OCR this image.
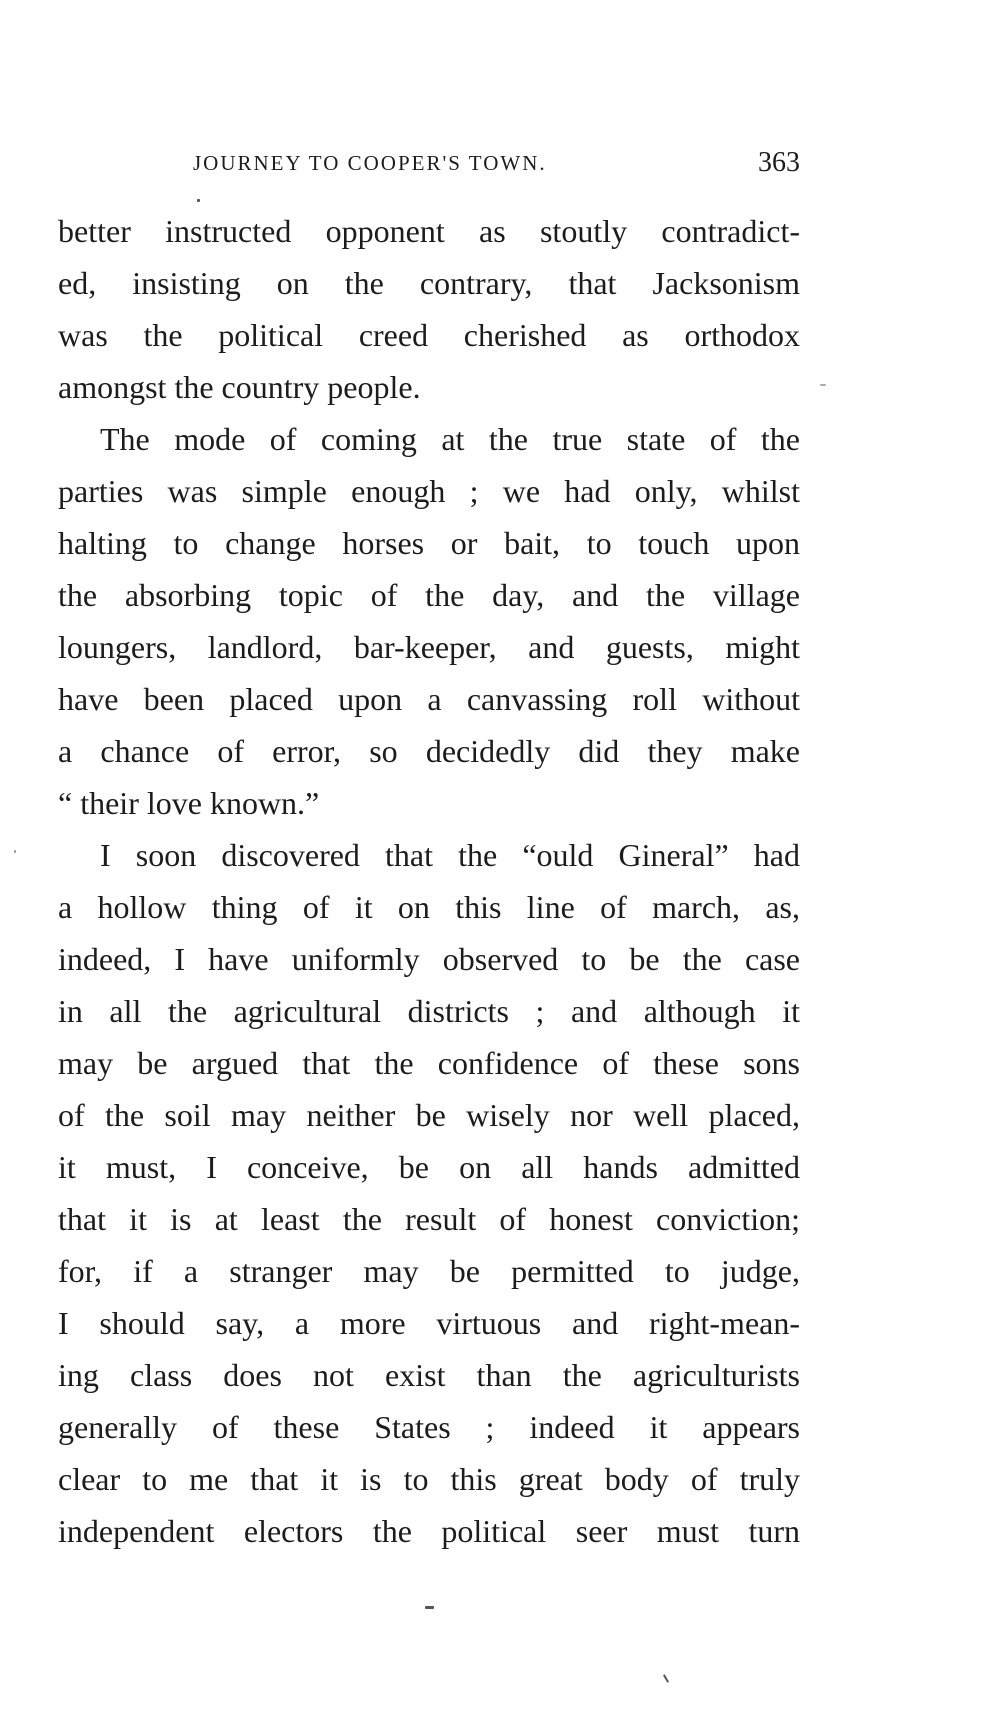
JOURNEY TO COOPER'S TOWN.	363
better instructed opponent as stoutly contradict-
ed, insisting on the contrary, that Jacksonism
was the political creed cherished as orthodox
amongst the country people.
The mode of coming at the true state of the
parties was simple enough ; we had only, whilst
halting to change horses or bait, to touch upon
the absorbing topic of the day, and the village
loungers, landlord, bar-keeper, and guests, might
have been placed upon a canvassing roll without
a chance of error, so decidedly did they make
“ their love known.”
I soon discovered that the “ould Gineral” had
a hollow thing of it on this line of march, as,
indeed, I have uniformly observed to be the case
in all the agricultural districts ; and although it
may be argued that the confidence of these sons
of the soil may neither be wisely nor well placed,
it must, I conceive, be on all hands admitted
that it is at least the result of honest conviction;
for, if a stranger may be permitted to judge,
I should say, a more virtuous and right-mean-
ing class does not exist than the agriculturists
generally of these States ; indeed it appears
clear to me that it is to this great body of truly
independent electors the political seer must turn
